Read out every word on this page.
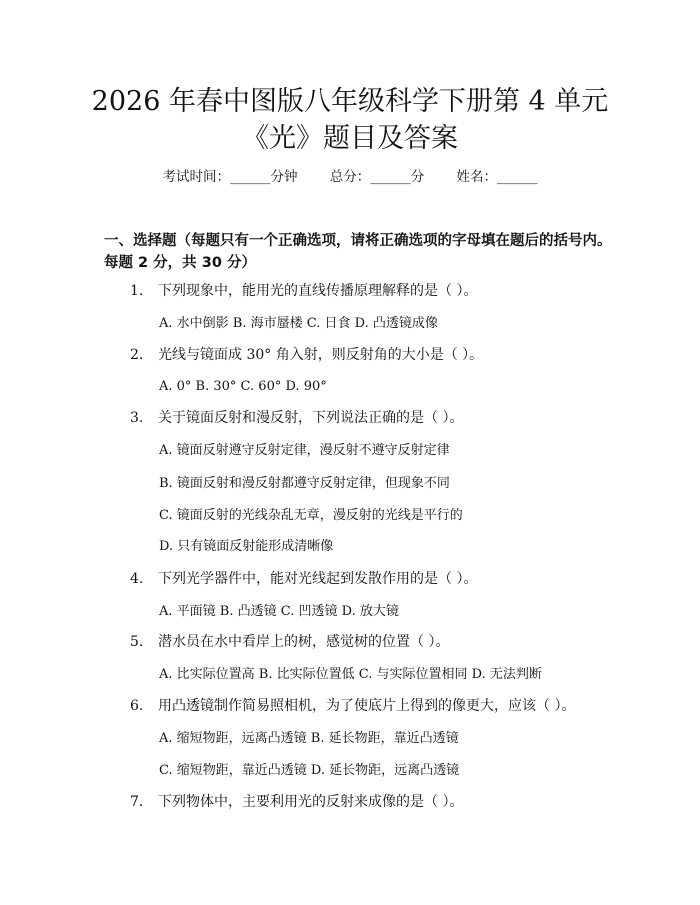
2026 年春中图版八年级科学下册第 4 单元
《光》题目及答案
考试时间：______分钟 总分：______分 姓名：______
一、选择题（每题只有一个正确选项，请将正确选项的字母填在题后的括号内。
每题 2 分，共 30 分）
1. 下列现象中，能用光的直线传播原理解释的是（ ）。
A. 水中倒影 B. 海市蜃楼 C. 日食 D. 凸透镜成像
2. 光线与镜面成 30° 角入射，则反射角的大小是（ ）。
A. 0° B. 30° C. 60° D. 90°
3. 关于镜面反射和漫反射，下列说法正确的是（ ）。
A. 镜面反射遵守反射定律，漫反射不遵守反射定律
B. 镜面反射和漫反射都遵守反射定律，但现象不同
C. 镜面反射的光线杂乱无章，漫反射的光线是平行的
D. 只有镜面反射能形成清晰像
4. 下列光学器件中，能对光线起到发散作用的是（ ）。
A. 平面镜 B. 凸透镜 C. 凹透镜 D. 放大镜
5. 潜水员在水中看岸上的树，感觉树的位置（ ）。
A. 比实际位置高 B. 比实际位置低 C. 与实际位置相同 D. 无法判断
6. 用凸透镜制作简易照相机，为了使底片上得到的像更大，应该（ ）。
A. 缩短物距，远离凸透镜 B. 延长物距，靠近凸透镜
C. 缩短物距，靠近凸透镜 D. 延长物距，远离凸透镜
7. 下列物体中，主要利用光的反射来成像的是（ ）。
